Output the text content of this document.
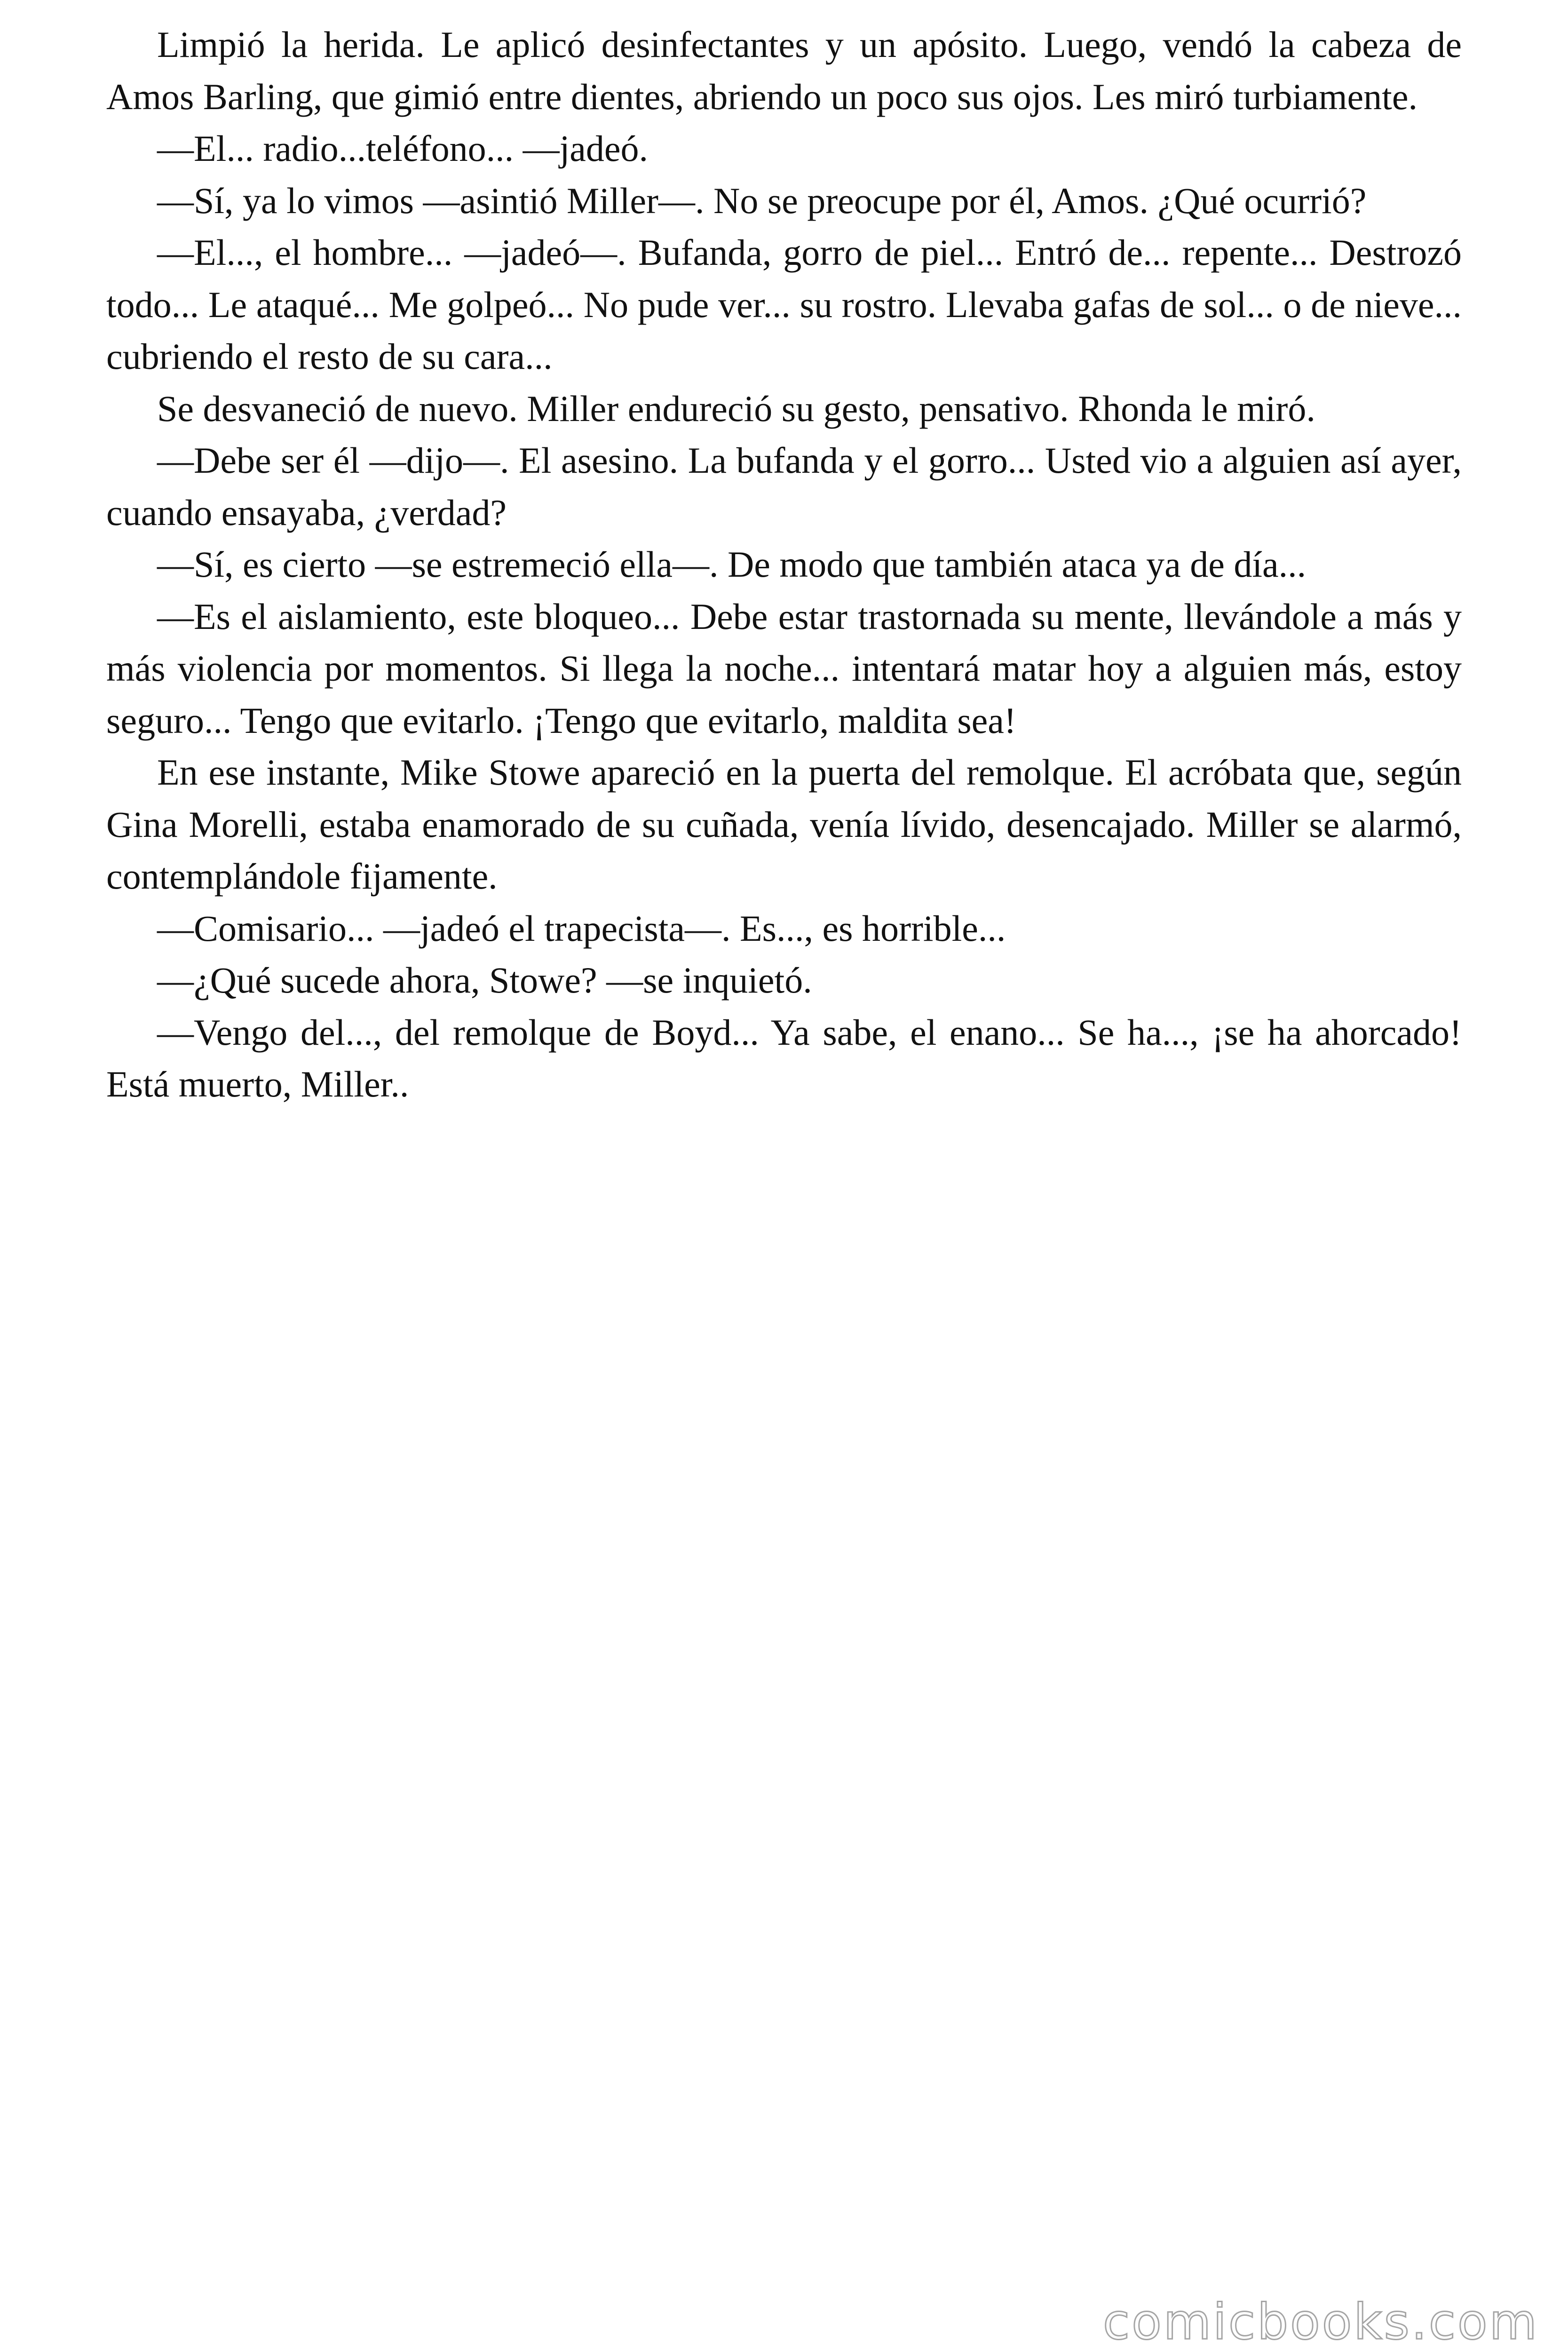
Limpió la herida. Le aplicó desinfectantes y un apósito. Luego, vendó la cabeza de Amos Barling, que gimió entre dientes, abriendo un poco sus ojos. Les miró turbiamente.

—El... radio...teléfono... —jadeó.

—Sí, ya lo vimos —asintió Miller—. No se preocupe por él, Amos. ¿Qué ocurrió?

—El..., el hombre... —jadeó—. Bufanda, gorro de piel... Entró de... repente... Destrozó todo... Le ataqué... Me golpeó... No pude ver... su rostro. Llevaba gafas de sol... o de nieve... cubriendo el resto de su cara...

Se desvaneció de nuevo. Miller endureció su gesto, pensativo. Rhonda le miró.

—Debe ser él —dijo—. El asesino. La bufanda y el gorro... Usted vio a alguien así ayer, cuando ensayaba, ¿verdad?

—Sí, es cierto —se estremeció ella—. De modo que también ataca ya de día...

—Es el aislamiento, este bloqueo... Debe estar trastornada su mente, llevándole a más y más violencia por momentos. Si llega la noche... intentará matar hoy a alguien más, estoy seguro... Tengo que evitarlo. ¡Tengo que evitarlo, maldita sea!

En ese instante, Mike Stowe apareció en la puerta del remolque. El acróbata que, según Gina Morelli, estaba enamorado de su cuñada, venía lívido, desencajado. Miller se alarmó, contemplándole fijamente.

—Comisario... —jadeó el trapecista—. Es..., es horrible...

—¿Qué sucede ahora, Stowe? —se inquietó.

—Vengo del..., del remolque de Boyd... Ya sabe, el enano... Se ha..., ¡se ha ahorcado! Está muerto, Miller..

comicbooks.com
